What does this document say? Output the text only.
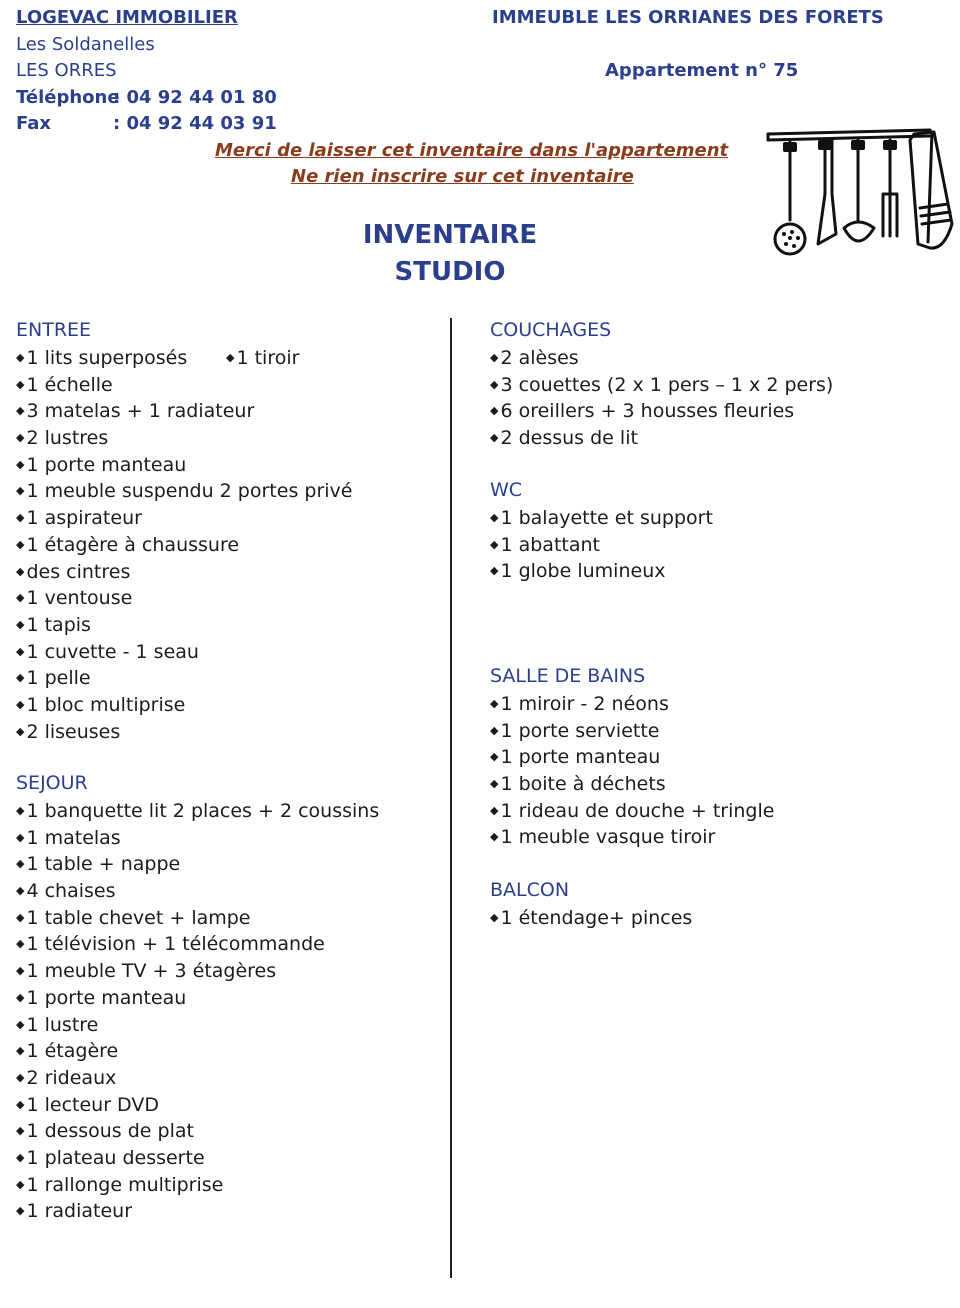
LOGEVAC IMMOBILIER
Les Soldanelles
LES ORRES
Téléphone
: 04 92 44 01 80
Fax	: 04 92 44 03 91
IMMEUBLE LES ORRIANES DES FORETS
Appartement n° 75
Merci de laisser cet inventaire dans l'appartement
Ne rien inscrire sur cet inventaire
INVENTAIRE
STUDIO
ENTREE
◆ 1 lits superposés
◆ 1 échelle
◆ 3 matelas + 1 radiateur
◆ 2 lustres
◆ 1 porte manteau
◆ 1 meuble suspendu 2 portes privé
◆ 1 aspirateur
◆ 1 étagère à chaussure
◆ des cintres
◆ 1 ventouse
◆ 1 tapis
◆ 1 cuvette - 1 seau
◆ 1 pelle
◆ 1 bloc multiprise
◆ 2 liseuses
◆ 1 tiroir
SEJOUR
◆ 1 banquette lit 2 places + 2 coussins
◆ 1 matelas
◆ 1 table + nappe
◆ 4 chaises
◆ 1 table chevet + lampe
◆ 1 télévision + 1 télécommande
◆ 1 meuble TV + 3 étagères
◆ 1 porte manteau
◆ 1 lustre
◆ 1 étagère
◆ 2 rideaux
◆ 1 lecteur DVD
◆ 1 dessous de plat
◆ 1 plateau desserte
◆ 1 rallonge multiprise
◆ 1 radiateur
COUCHAGES
◆ 2 alèses
◆ 3 couettes (2 x 1 pers – 1 x 2 pers)
◆ 6 oreillers + 3 housses fleuries
◆ 2 dessus de lit
WC
◆ 1 balayette et support
◆ 1 abattant
◆ 1 globe lumineux
SALLE DE BAINS
◆ 1 miroir - 2 néons
◆ 1 porte serviette
◆ 1 porte manteau
◆ 1 boite à déchets
◆ 1 rideau de douche + tringle
◆ 1 meuble vasque tiroir
BALCON
◆ 1 étendage+ pinces
